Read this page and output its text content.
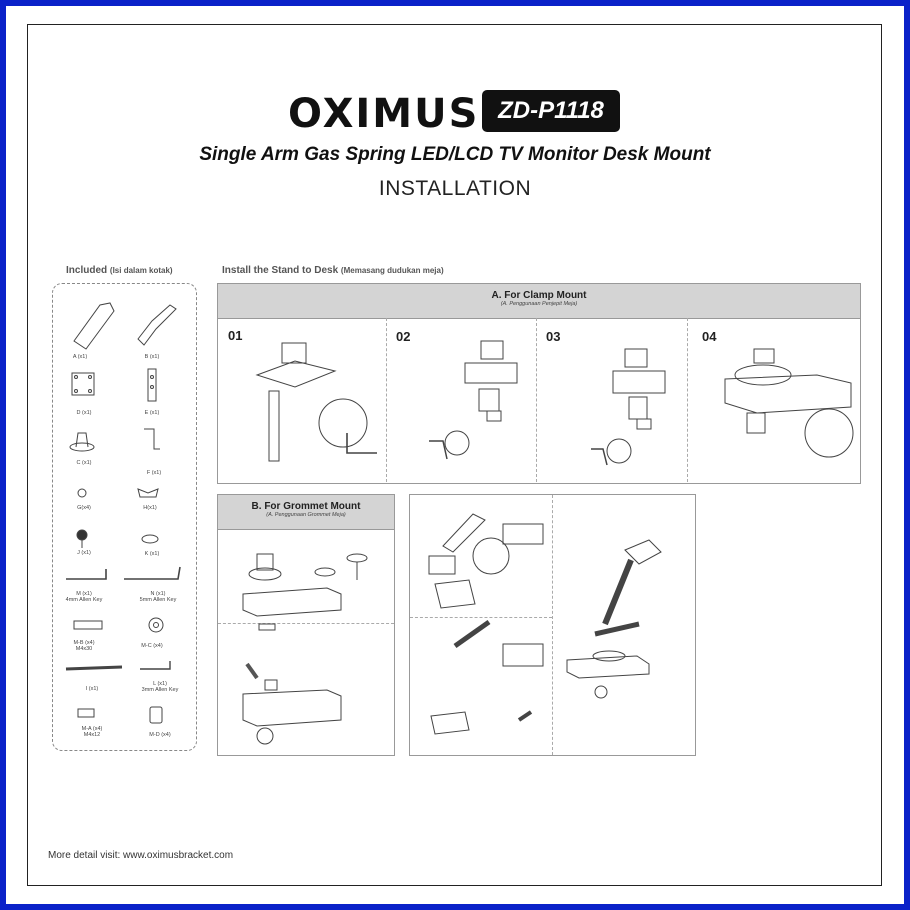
OXIMUS ZD-P1118
Single Arm Gas Spring LED/LCD TV Monitor Desk Mount
INSTALLATION
Included (Isi dalam kotak)
A (x1)	B (x1)
D (x1)	E (x1)
C (x1)
F (x1)
G(x4)	H(x1)
J (x1)	K (x1)
M (x1)
4mm Allen Key
N (x1)
5mm Allen Key
M-B (x4)
M4x30	M-C (x4)
I (x1)
L (x1)
3mm Allen Key
M-A (x4)
M4x12	M-D (x4)
Install the Stand to Desk (Memasang dudukan meja)
A. For Clamp Mount
(A. Penggunaan Penjepit Meja)
01	02	03	04
B. For Grommet Mount
(A. Penggunaan Grommet Meja)
More detail visit: www.oximusbracket.com
